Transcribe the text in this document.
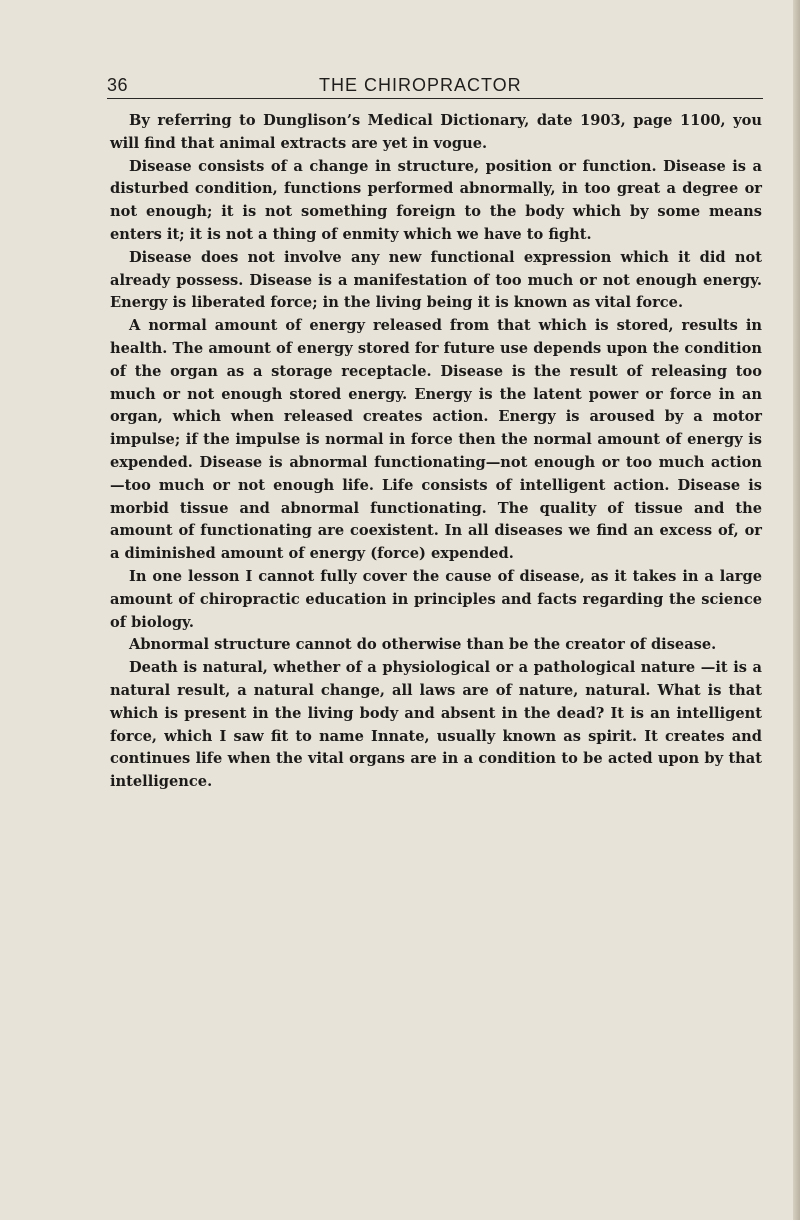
36	THE CHIROPRACTOR

By referring to Dunglison’s Medical Dictionary, date 1903, page 1100, you will find that animal extracts are yet in vogue.

Disease consists of a change in structure, position or function. Disease is a disturbed condition, functions performed abnormally, in too great a degree or not enough; it is not something foreign to the body which by some means enters it; it is not a thing of enmity which we have to fight.

Disease does not involve any new functional expression which it did not already possess. Disease is a manifestation of too much or not enough energy. Energy is liberated force; in the living being it is known as vital force.

A normal amount of energy released from that which is stored, results in health. The amount of energy stored for future use depends upon the condition of the organ as a storage receptacle. Disease is the result of releasing too much or not enough stored energy. Energy is the latent power or force in an organ, which when released creates action. Energy is aroused by a motor impulse; if the impulse is normal in force then the normal amount of energy is expended. Disease is abnormal functionating—not enough or too much action—too much or not enough life. Life consists of intelligent action. Disease is morbid tissue and abnormal functionating. The quality of tissue and the amount of functionating are coexistent. In all diseases we find an excess of, or a diminished amount of energy (force) expended.

In one lesson I cannot fully cover the cause of disease, as it takes in a large amount of chiropractic education in principles and facts regarding the science of biology.

Abnormal structure cannot do otherwise than be the creator of disease.

Death is natural, whether of a physiological or a pathological nature —it is a natural result, a natural change, all laws are of nature, natural. What is that which is present in the living body and absent in the dead? It is an intelligent force, which I saw fit to name Innate, usually known as spirit. It creates and continues life when the vital organs are in a condition to be acted upon by that intelligence.
